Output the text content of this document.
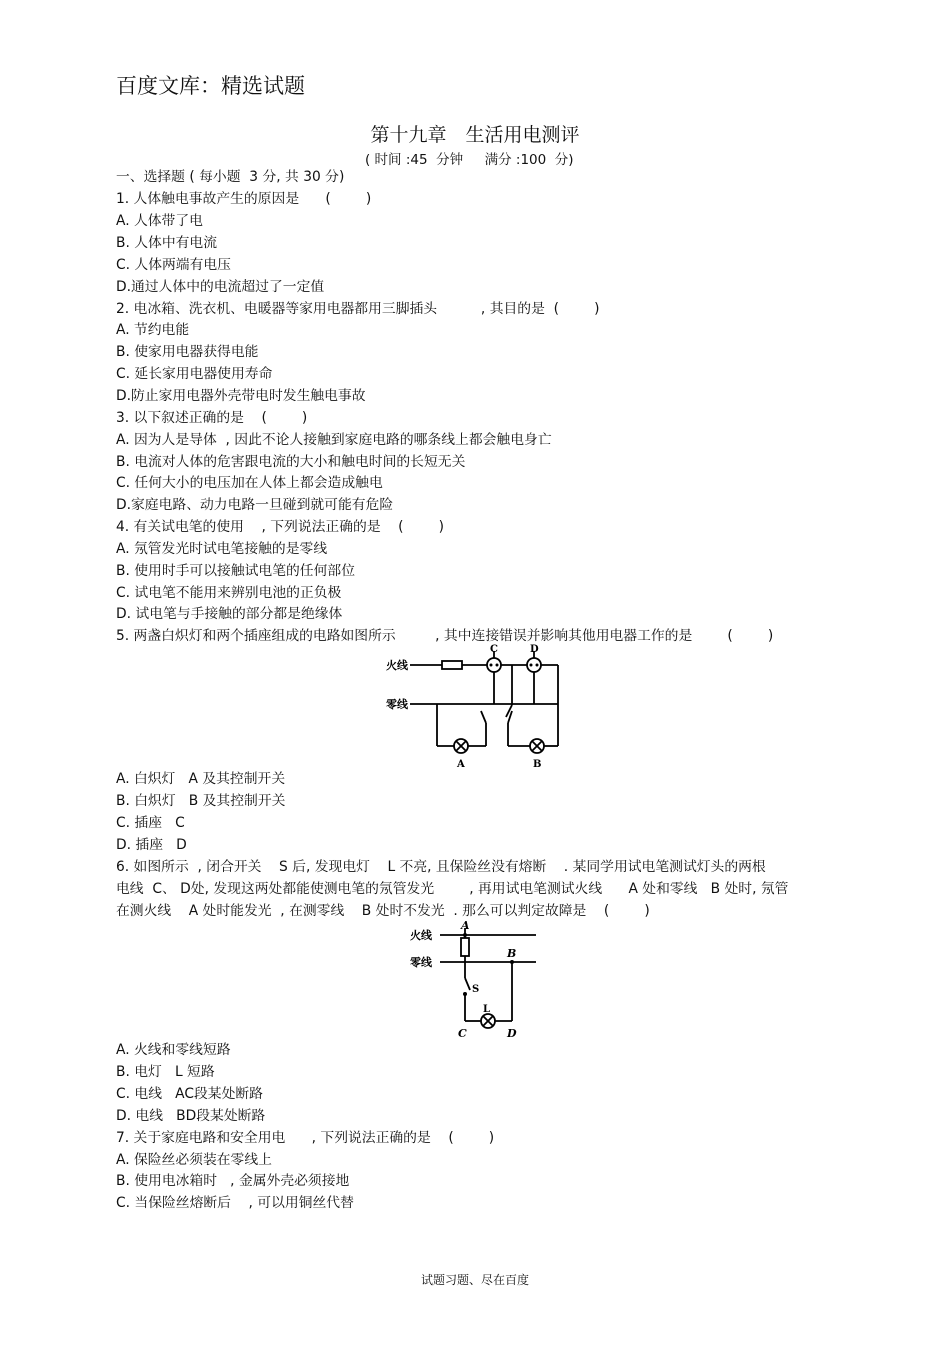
百度文库：精选试题
第十九章　生活用电测评
( 时间 :45  分钟     满分 :100  分)
一、选择题 ( 每小题  3 分, 共 30 分)
1. 人体触电事故产生的原因是      (        )
A. 人体带了电
B. 人体中有电流
C. 人体两端有电压
D.通过人体中的电流超过了一定值
2. 电冰箱、洗衣机、电暖器等家用电器都用三脚插头          , 其目的是  (        )
A. 节约电能
B. 使家用电器获得电能
C. 延长家用电器使用寿命
D.防止家用电器外壳带电时发生触电事故
3. 以下叙述正确的是    (        )
A. 因为人是导体  , 因此不论人接触到家庭电路的哪条线上都会触电身亡
B. 电流对人体的危害跟电流的大小和触电时间的长短无关
C. 任何大小的电压加在人体上都会造成触电
D.家庭电路、动力电路一旦碰到就可能有危险
4. 有关试电笔的使用    , 下列说法正确的是    (        )
A. 氖管发光时试电笔接触的是零线
B. 使用时手可以接触试电笔的任何部位
C. 试电笔不能用来辨别电池的正负极
D. 试电笔与手接触的部分都是绝缘体
5. 两盏白炽灯和两个插座组成的电路如图所示         , 其中连接错误并影响其他用电器工作的是        (        )
火线
零线
C	D
A	B
A. 白炽灯   A 及其控制开关
B. 白炽灯   B 及其控制开关
C. 插座   C
D. 插座   D
6. 如图所示  , 闭合开关    S 后, 发现电灯    L 不亮, 且保险丝没有熔断    . 某同学用试电笔测试灯头的两根
电线  C、 D处, 发现这两处都能使测电笔的氖管发光        , 再用试电笔测试火线      A 处和零线   B 处时, 氖管
在测火线    A 处时能发光  , 在测零线    B 处时不发光  . 那么可以判定故障是    (        )
火线
零线
A
B
S
L
C	D
A. 火线和零线短路
B. 电灯   L 短路
C. 电线   AC段某处断路
D. 电线   BD段某处断路
7. 关于家庭电路和安全用电      , 下列说法正确的是    (        )
A. 保险丝必须装在零线上
B. 使用电冰箱时   , 金属外壳必须接地
C. 当保险丝熔断后    , 可以用铜丝代替
试题习题、尽在百度
